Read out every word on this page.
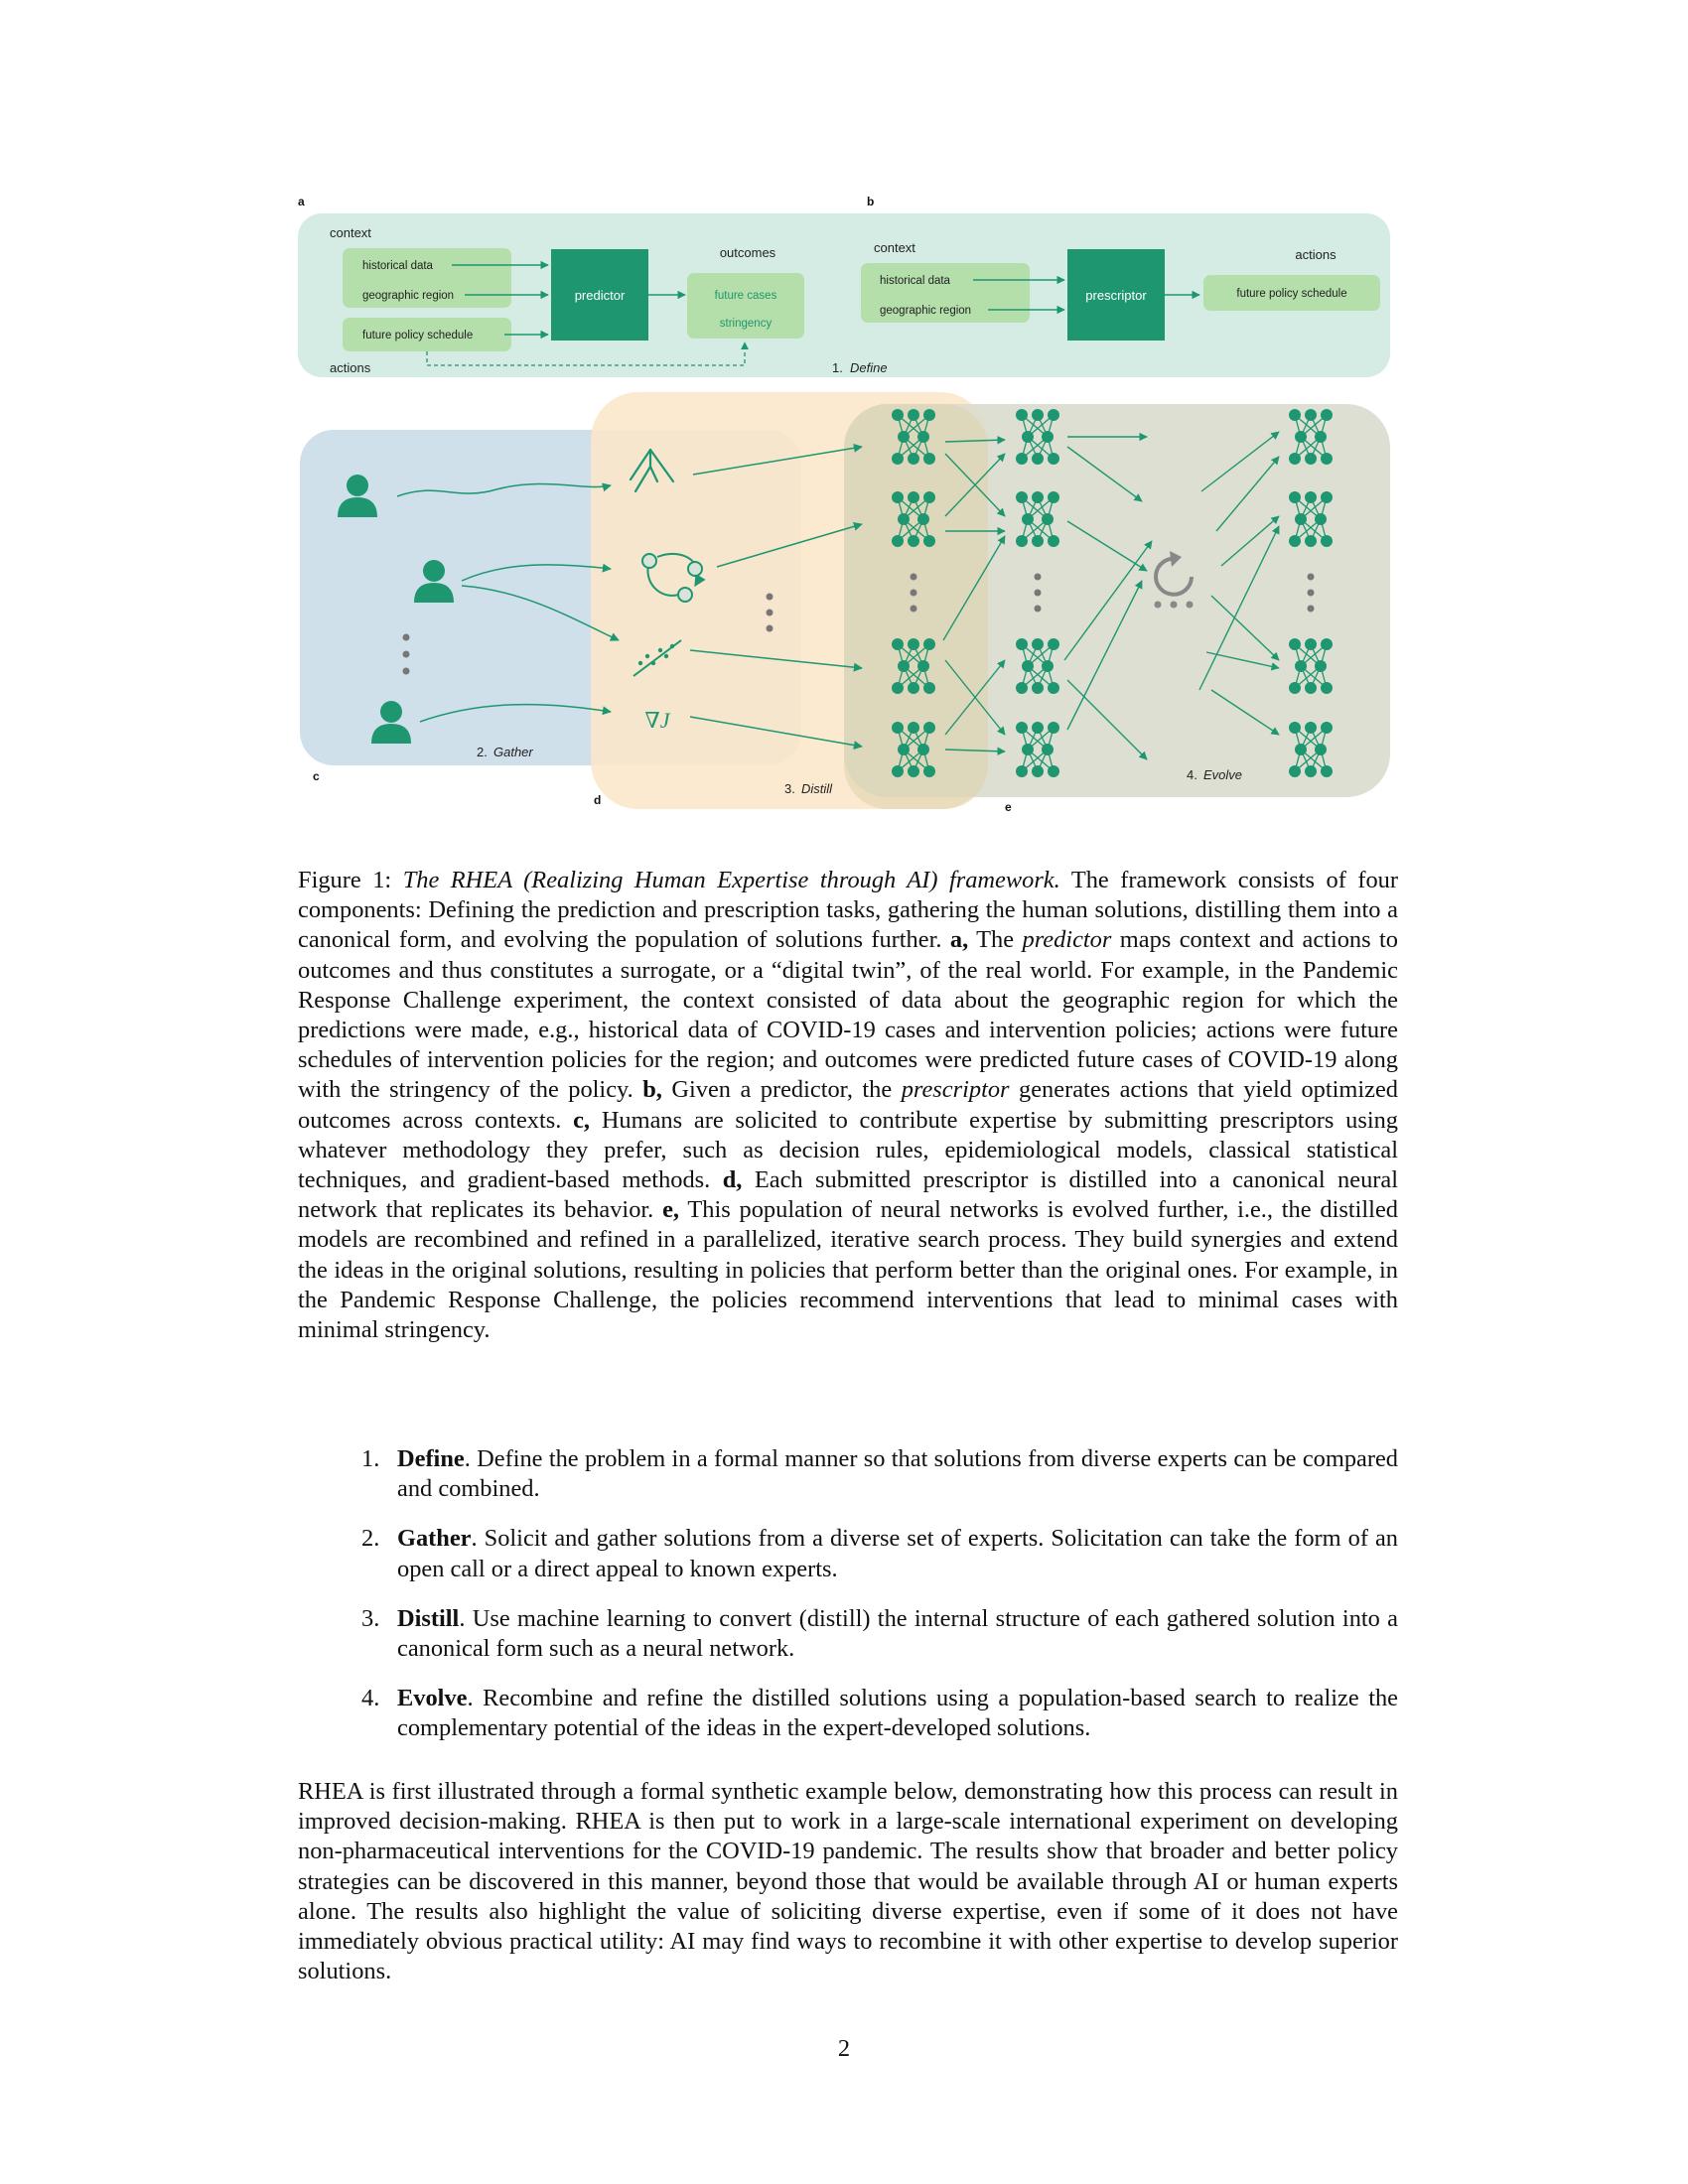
a	b
context
historical data
geographic region
future policy schedule
actions
predictor
outcomes
future cases
stringency
context
historical data
geographic region
prescriptor
actions
future policy schedule
1. Define
c
d	e
2. Gather
3. Distill
4. Evolve
∇J

Figure 1: The RHEA (Realizing Human Expertise through AI) framework. The framework consists of four components: Defining the prediction and prescription tasks, gathering the human solutions, distilling them into a canonical form, and evolving the population of solutions further. a, The predictor maps context and actions to outcomes and thus constitutes a surrogate, or a “digital twin”, of the real world. For example, in the Pandemic Response Challenge experiment, the context consisted of data about the geographic region for which the predictions were made, e.g., historical data of COVID-19 cases and intervention policies; actions were future schedules of intervention policies for the region; and outcomes were predicted future cases of COVID-19 along with the stringency of the policy. b, Given a predictor, the prescriptor generates actions that yield optimized outcomes across contexts. c, Humans are solicited to contribute expertise by submitting prescriptors using whatever methodology they prefer, such as decision rules, epidemiological models, classical statistical techniques, and gradient-based methods. d, Each submitted prescriptor is distilled into a canonical neural network that replicates its behavior. e, This population of neural networks is evolved further, i.e., the distilled models are recombined and refined in a parallelized, iterative search process. They build synergies and extend the ideas in the original solutions, resulting in policies that perform better than the original ones. For example, in the Pandemic Response Challenge, the policies recommend interventions that lead to minimal cases with minimal stringency.

1. Define. Define the problem in a formal manner so that solutions from diverse experts can be compared and combined.
2. Gather. Solicit and gather solutions from a diverse set of experts. Solicitation can take the form of an open call or a direct appeal to known experts.
3. Distill. Use machine learning to convert (distill) the internal structure of each gathered solution into a canonical form such as a neural network.
4. Evolve. Recombine and refine the distilled solutions using a population-based search to realize the complementary potential of the ideas in the expert-developed solutions.

RHEA is first illustrated through a formal synthetic example below, demonstrating how this process can result in improved decision-making. RHEA is then put to work in a large-scale international experiment on developing non-pharmaceutical interventions for the COVID-19 pandemic. The results show that broader and better policy strategies can be discovered in this manner, beyond those that would be available through AI or human experts alone. The results also highlight the value of soliciting diverse expertise, even if some of it does not have immediately obvious practical utility: AI may find ways to recombine it with other expertise to develop superior solutions.

2
